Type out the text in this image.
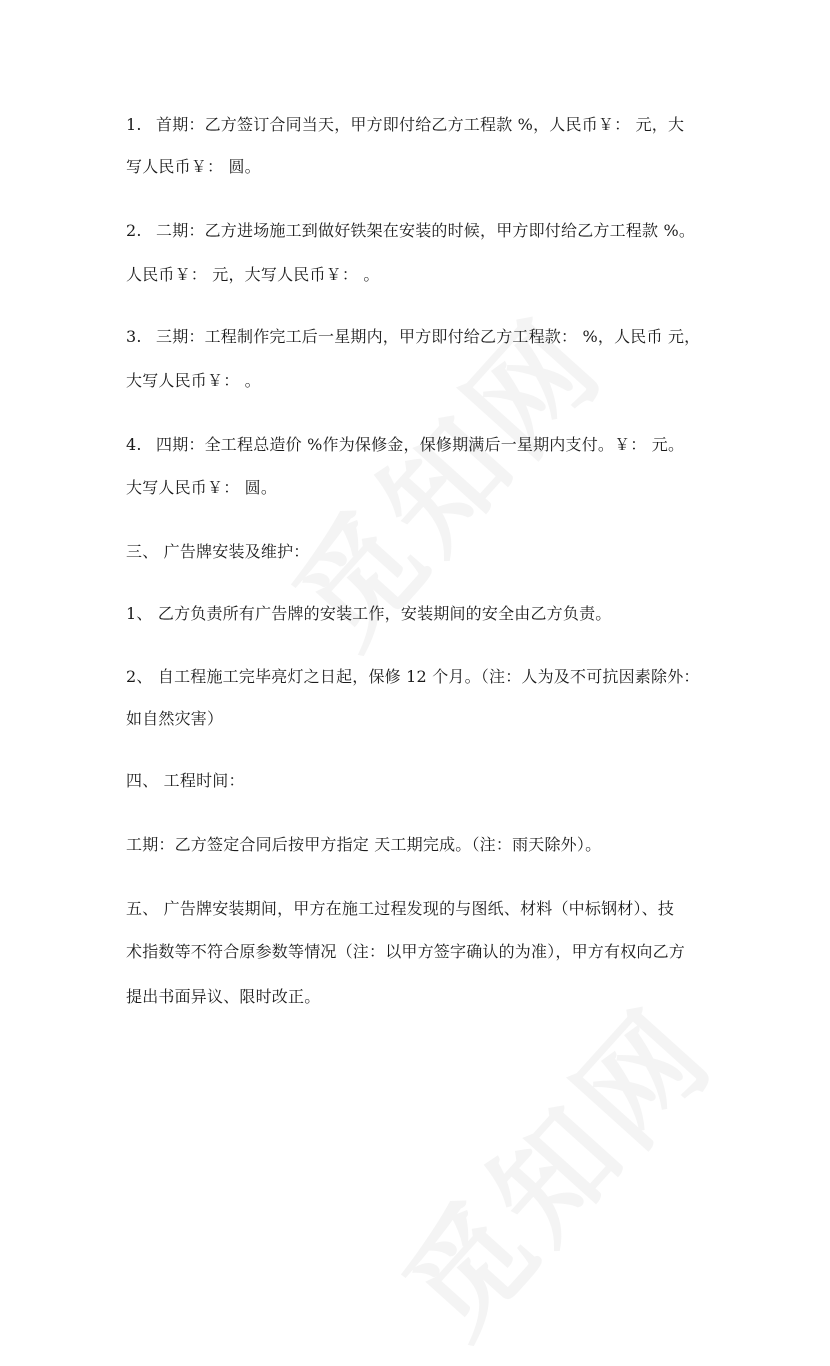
1. 首期：乙方签订合同当天，甲方即付给乙方工程款 %，人民币￥： 元，大
写人民币￥： 圆。
2. 二期：乙方进场施工到做好铁架在安装的时候，甲方即付给乙方工程款 %。
人民币￥： 元，大写人民币￥： 。
3. 三期：工程制作完工后一星期内，甲方即付给乙方工程款： %，人民币 元，
大写人民币￥： 。
4. 四期：全工程总造价 %作为保修金，保修期满后一星期内支付。￥： 元。
大写人民币￥： 圆。
三、 广告牌安装及维护：
1、 乙方负责所有广告牌的安装工作，安装期间的安全由乙方负责。
2、 自工程施工完毕亮灯之日起，保修 12 个月。（注：人为及不可抗因素除外：
如自然灾害）
四、 工程时间：
工期：乙方签定合同后按甲方指定 天工期完成。（注：雨天除外）。
五、 广告牌安装期间，甲方在施工过程发现的与图纸、材料（中标钢材）、技
术指数等不符合原参数等情况（注：以甲方签字确认的为准），甲方有权向乙方
提出书面异议、限时改正。
